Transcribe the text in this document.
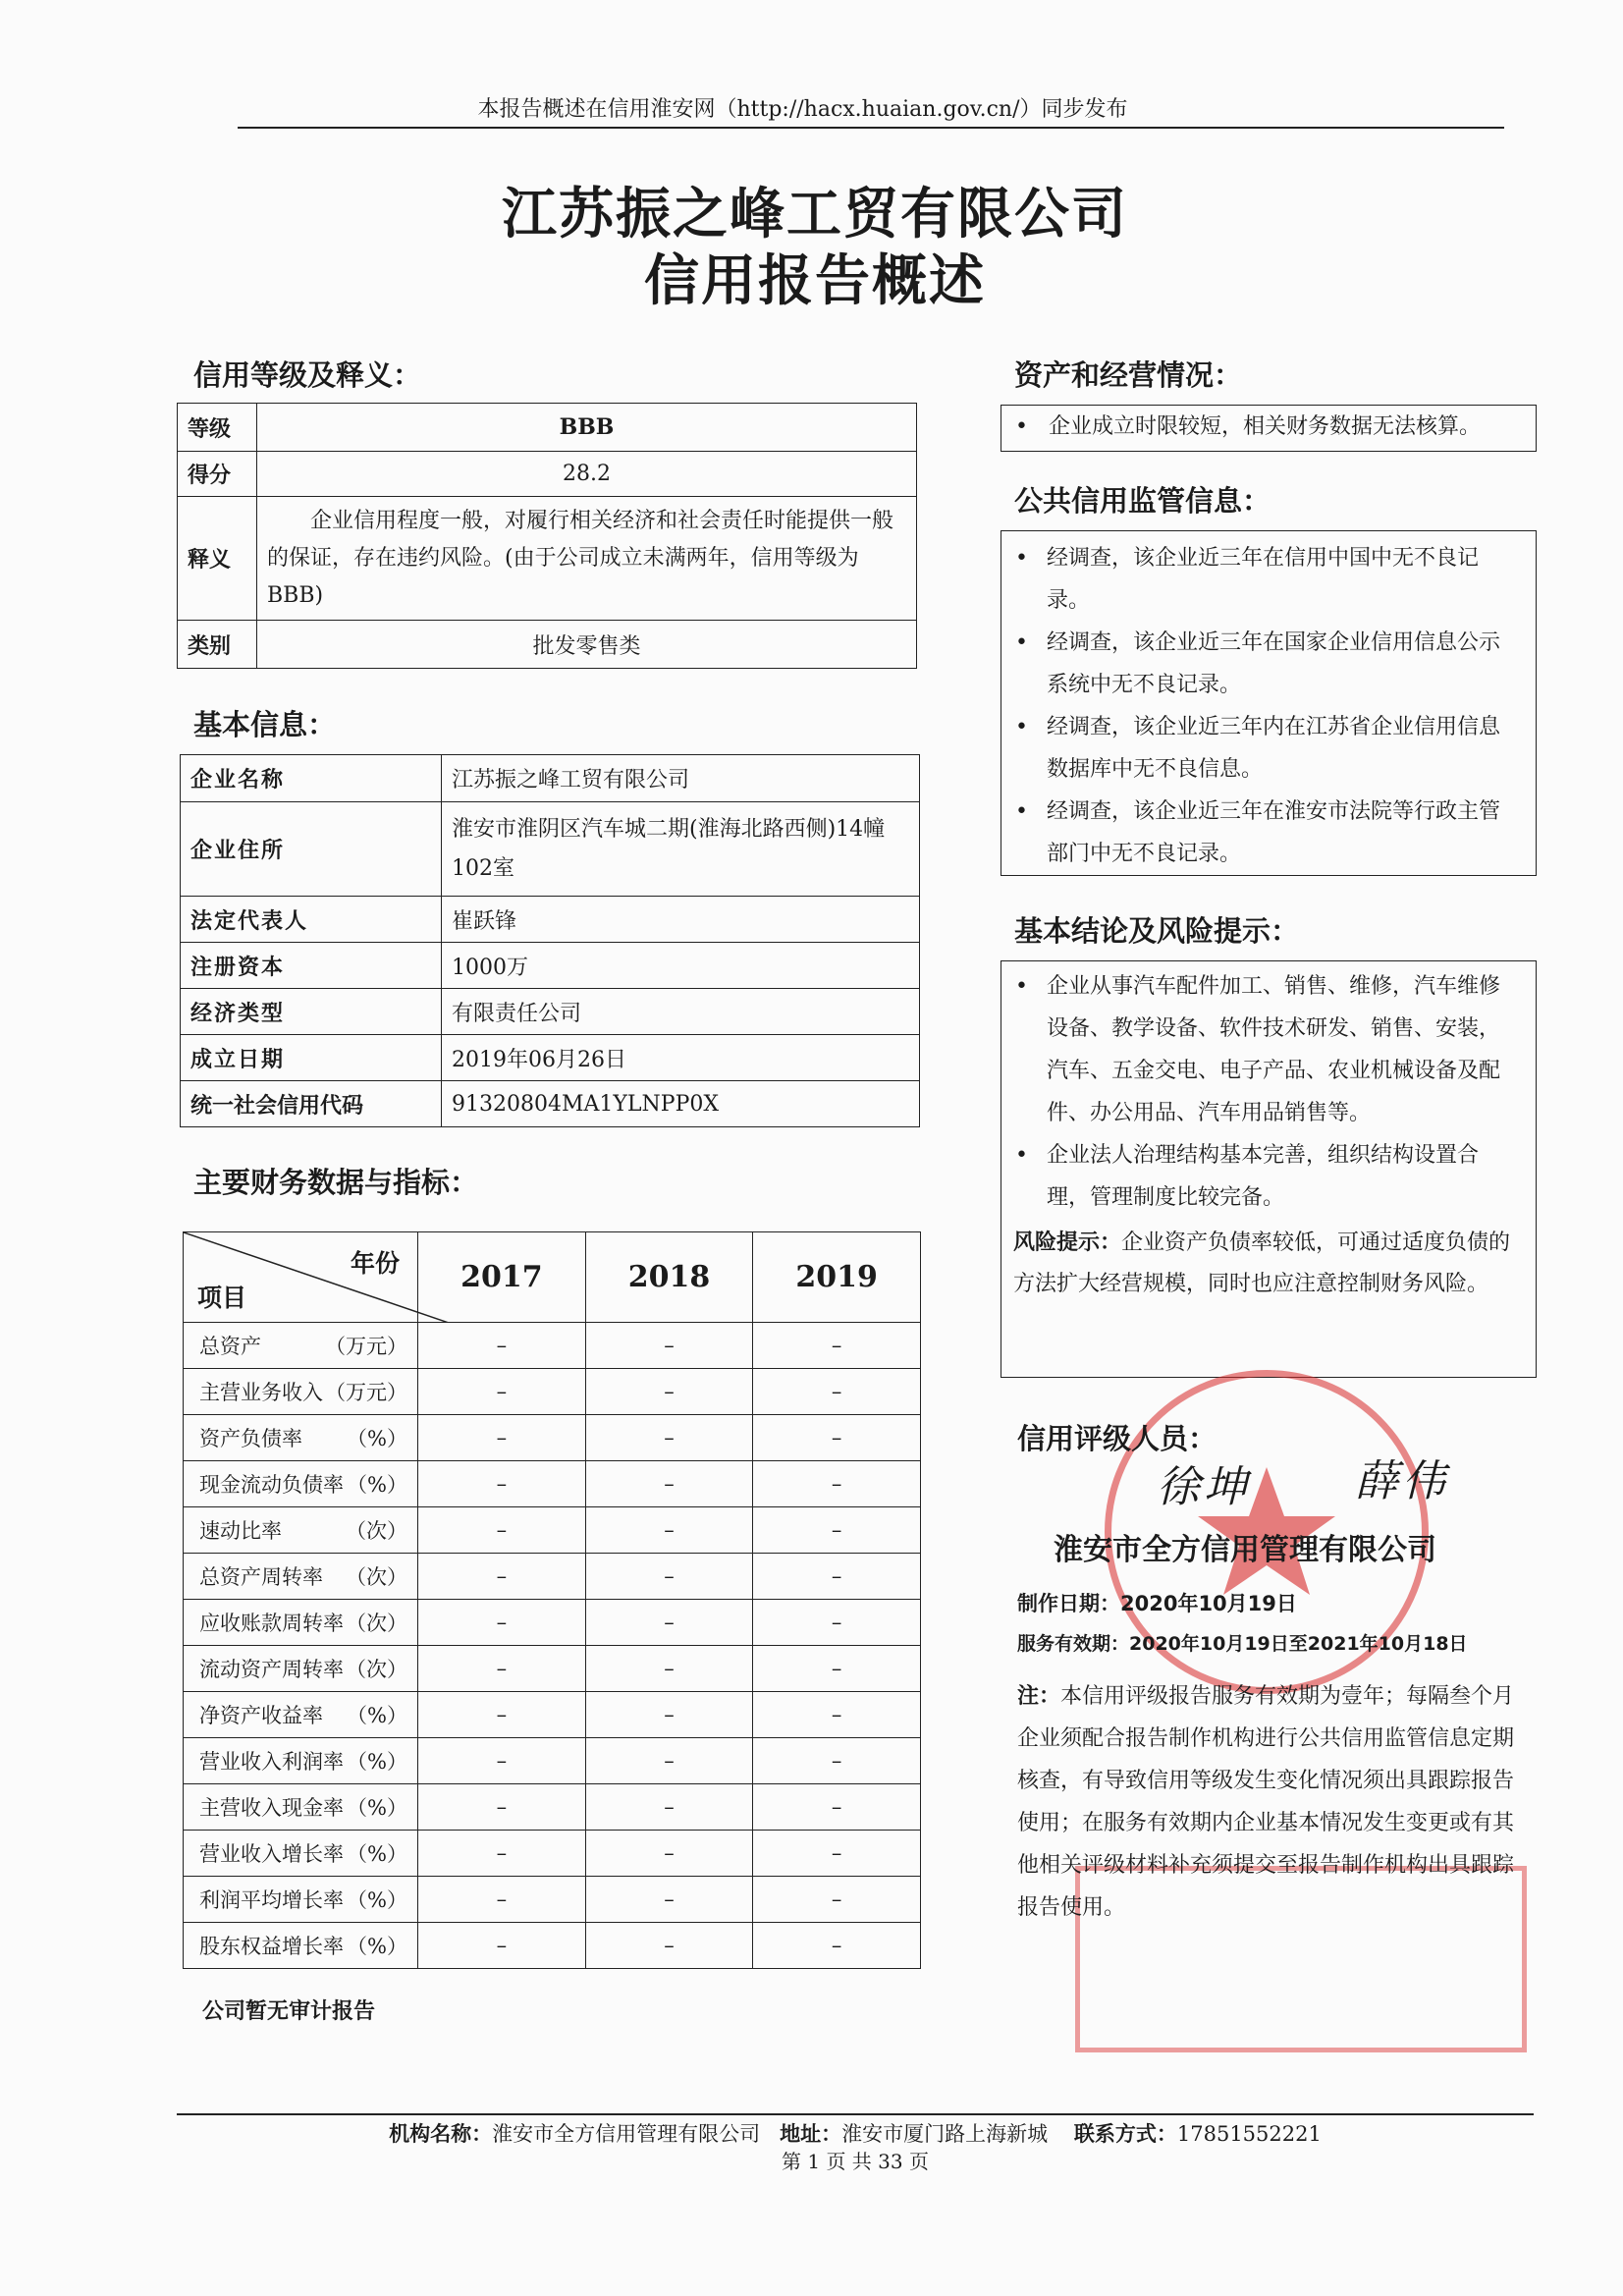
本报告概述在信用淮安网（http://hacx.huaian.gov.cn/）同步发布
江苏振之峰工贸有限公司
信用报告概述
信用等级及释义：
等级	BBB
得分	28.2
释义	企业信用程度一般，对履行相关经济和社会责任时能提供一般的保证，存在违约风险。(由于公司成立未满两年，信用等级为BBB)
类别	批发零售类
基本信息：
企业名称	江苏振之峰工贸有限公司
企业住所	淮安市淮阴区汽车城二期(淮海北路西侧)14幢102室
法定代表人	崔跃锋
注册资本	1000万
经济类型	有限责任公司
成立日期	2019年06月26日
统一社会信用代码	91320804MA1YLNPP0X
主要财务数据与指标：
年份
项目	2017	2018	2019
总资产 （万元）	–	–	–
主营业务收入 （万元）	–	–	–
资产负债率 （%）	–	–	–
现金流动负债率 （%）	–	–	–
速动比率 （次）	–	–	–
总资产周转率 （次）	–	–	–
应收账款周转率 （次）	–	–	–
流动资产周转率 （次）	–	–	–
净资产收益率 （%）	–	–	–
营业收入利润率 （%）	–	–	–
主营收入现金率 （%）	–	–	–
营业收入增长率 （%）	–	–	–
利润平均增长率 （%）	–	–	–
股东权益增长率 （%）	–	–	–
公司暂无审计报告
资产和经营情况：
• 企业成立时限较短，相关财务数据无法核算。
公共信用监管信息：
• 经调查，该企业近三年在信用中国中无不良记录。
• 经调查，该企业近三年在国家企业信用信息公示系统中无不良记录。
• 经调查，该企业近三年内在江苏省企业信用信息数据库中无不良信息。
• 经调查，该企业近三年在淮安市法院等行政主管部门中无不良记录。
基本结论及风险提示：
• 企业从事汽车配件加工、销售、维修，汽车维修设备、教学设备、软件技术研发、销售、安装，汽车、五金交电、电子产品、农业机械设备及配件、办公用品、汽车用品销售等。
• 企业法人治理结构基本完善，组织结构设置合理，管理制度比较完备。
风险提示：企业资产负债率较低，可通过适度负债的方法扩大经营规模，同时也应注意控制财务风险。
信用评级人员：
徐坤 薛伟
淮安市全方信用管理有限公司
制作日期：2020年10月19日
服务有效期：2020年10月19日至2021年10月18日
注：本信用评级报告服务有效期为壹年；每隔叁个月企业须配合报告制作机构进行公共信用监管信息定期核查，有导致信用等级发生变化情况须出具跟踪报告使用；在服务有效期内企业基本情况发生变更或有其他相关评级材料补充须提交至报告制作机构出具跟踪报告使用。
机构名称：淮安市全方信用管理有限公司 地址：淮安市厦门路上海新城 联系方式：17851552221
第 1 页 共 33 页
